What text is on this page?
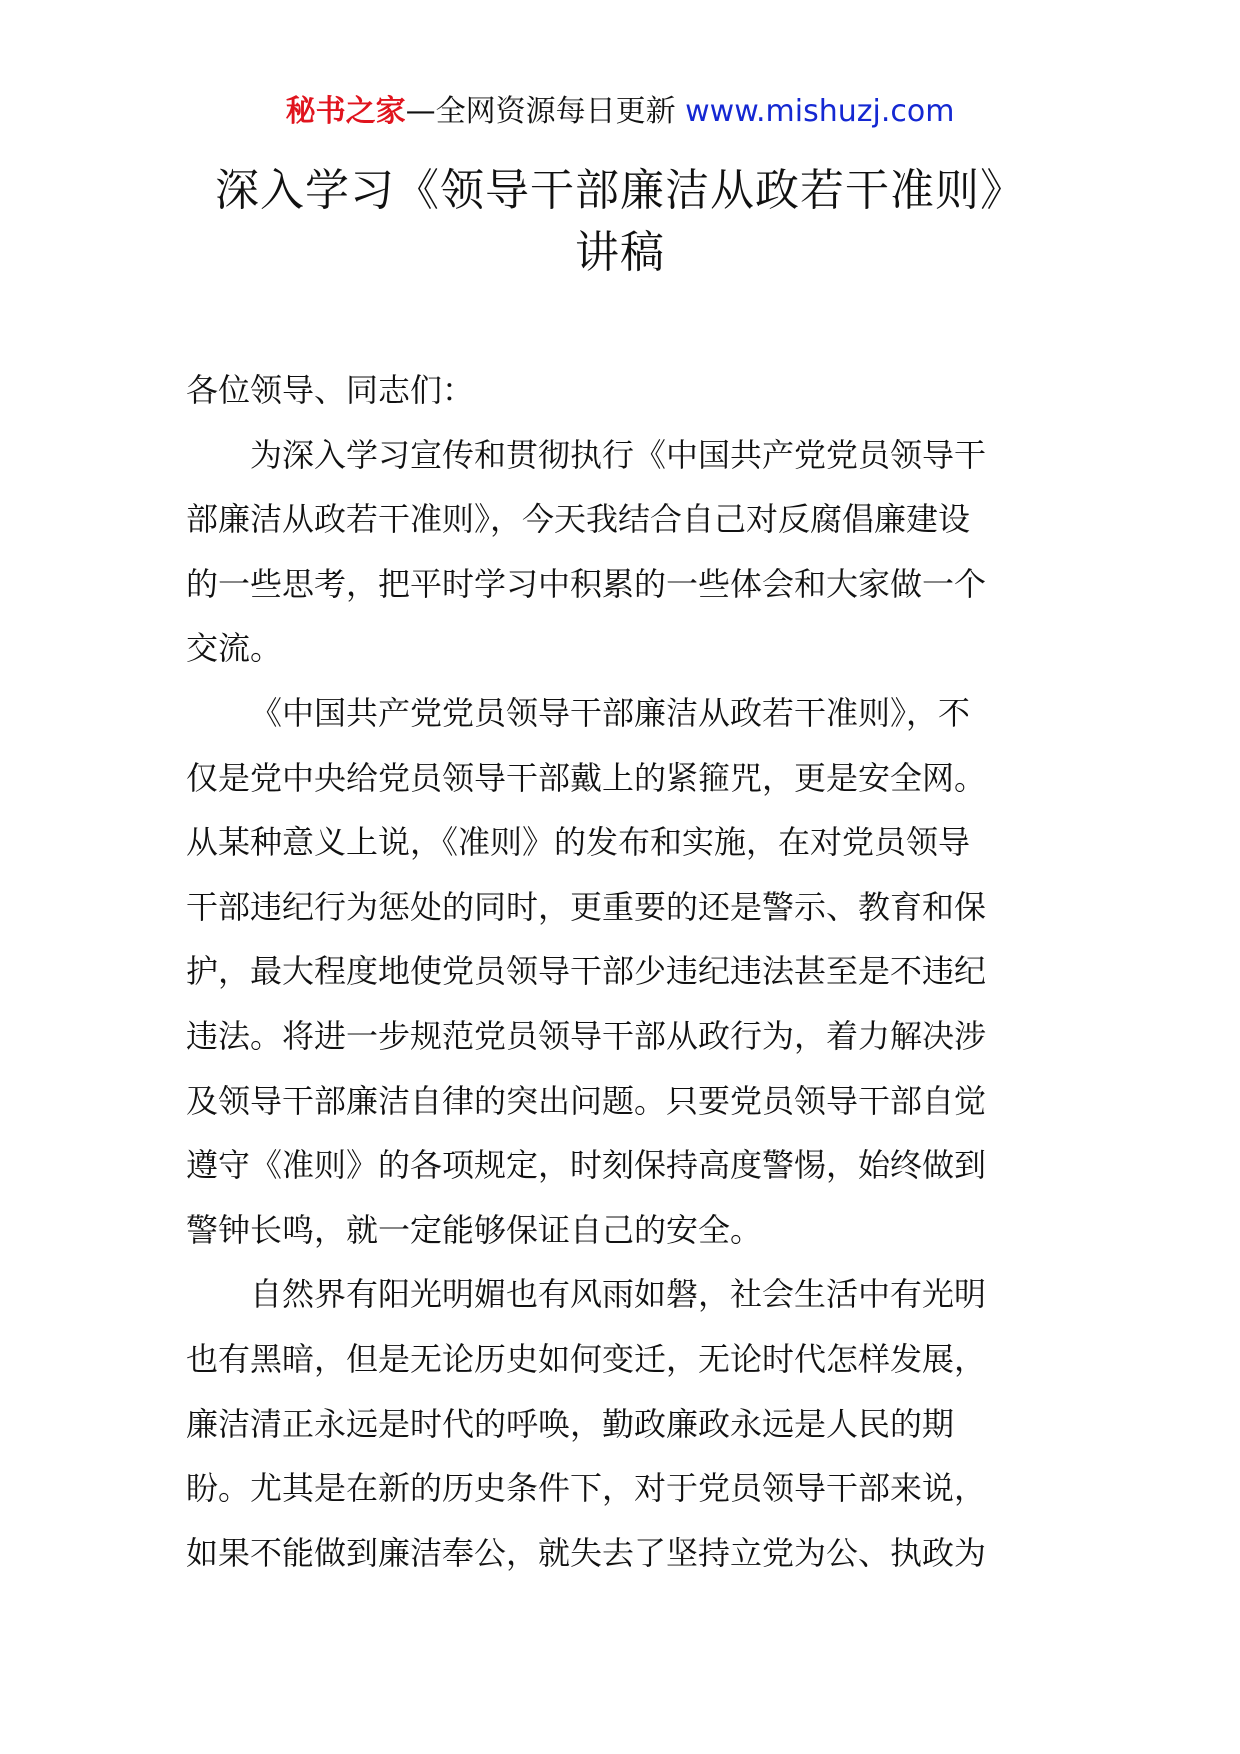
秘书之家—全网资源每日更新 www.mishuzj.com
深入学习《领导干部廉洁从政若干准则》
讲稿
各位领导、同志们：
为深入学习宣传和贯彻执行《中国共产党党员领导干
部廉洁从政若干准则》，今天我结合自己对反腐倡廉建设
的一些思考，把平时学习中积累的一些体会和大家做一个
交流。
《中国共产党党员领导干部廉洁从政若干准则》，不
仅是党中央给党员领导干部戴上的紧箍咒，更是安全网。
从某种意义上说，《准则》的发布和实施，在对党员领导
干部违纪行为惩处的同时，更重要的还是警示、教育和保
护，最大程度地使党员领导干部少违纪违法甚至是不违纪
违法。将进一步规范党员领导干部从政行为，着力解决涉
及领导干部廉洁自律的突出问题。只要党员领导干部自觉
遵守《准则》的各项规定，时刻保持高度警惕，始终做到
警钟长鸣，就一定能够保证自己的安全。
自然界有阳光明媚也有风雨如磐，社会生活中有光明
也有黑暗，但是无论历史如何变迁，无论时代怎样发展，
廉洁清正永远是时代的呼唤，勤政廉政永远是人民的期
盼。尤其是在新的历史条件下，对于党员领导干部来说，
如果不能做到廉洁奉公，就失去了坚持立党为公、执政为
